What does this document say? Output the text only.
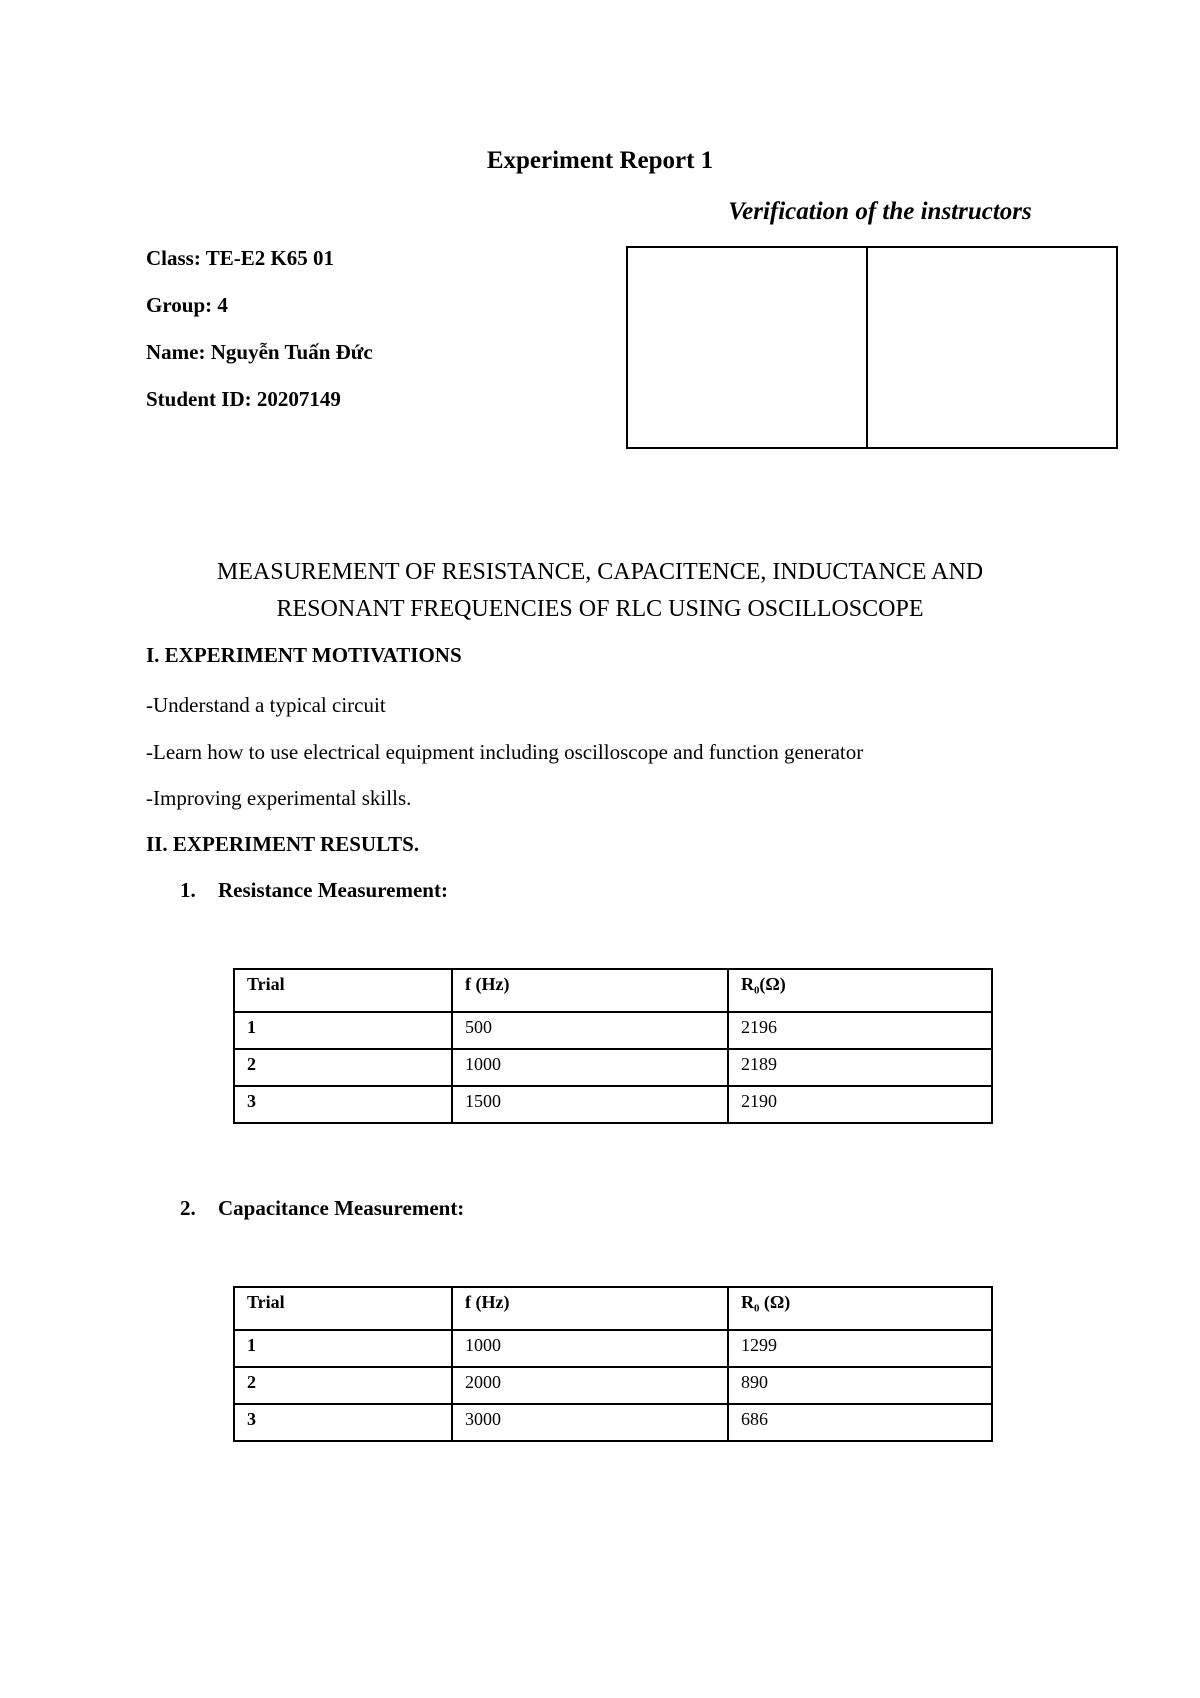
Experiment Report 1
Verification of the instructors
Class: TE-E2 K65 01
Group: 4
Name: Nguyễn Tuấn Đức
Student ID: 20207149
MEASUREMENT OF RESISTANCE, CAPACITENCE, INDUCTANCE AND
RESONANT FREQUENCIES OF RLC USING OSCILLOSCOPE
I. EXPERIMENT MOTIVATIONS
-Understand a typical circuit
-Learn how to use electrical equipment including oscilloscope and function generator
-Improving experimental skills.
II. EXPERIMENT RESULTS.
1. Resistance Measurement:
Trial	f (Hz)	R₀(Ω)
1	500	2196
2	1000	2189
3	1500	2190
2. Capacitance Measurement:
Trial	f (Hz)	R₀ (Ω)
1	1000	1299
2	2000	890
3	3000	686
